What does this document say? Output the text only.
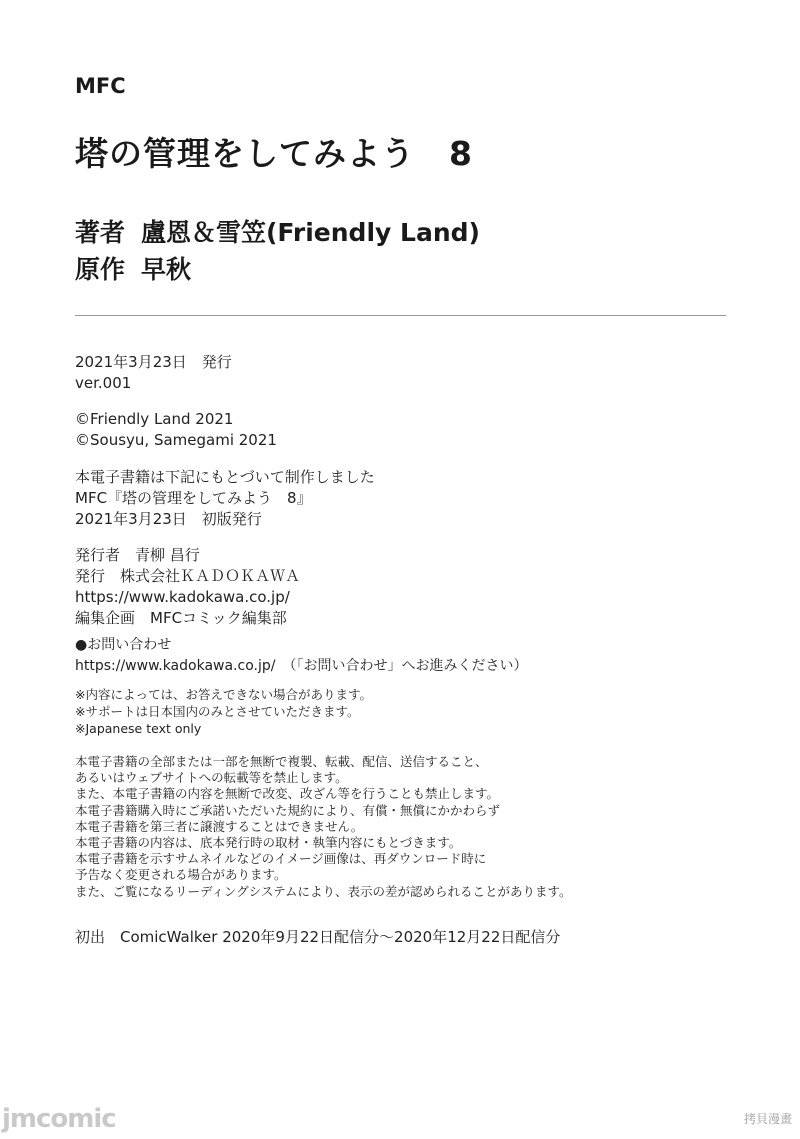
MFC
塔の管理をしてみよう　8
著者 盧恩＆雪笠(Friendly Land)
原作 早秋
2021年3月23日　発行
ver.001
©Friendly Land 2021
©Sousyu, Samegami 2021
本電子書籍は下記にもとづいて制作しました
MFC『塔の管理をしてみよう　8』
2021年3月23日　初版発行
発行者　青柳 昌行
発行　株式会社ＫＡＤＯＫＡＷＡ
https://www.kadokawa.co.jp/
編集企画　MFCコミック編集部
●お問い合わせ
https://www.kadokawa.co.jp/　（「お問い合わせ」へお進みください）
※内容によっては、お答えできない場合があります。
※サポートは日本国内のみとさせていただきます。
※Japanese text only
本電子書籍の全部または一部を無断で複製、転載、配信、送信すること、
あるいはウェブサイトへの転載等を禁止します。
また、本電子書籍の内容を無断で改変、改ざん等を行うことも禁止します。
本電子書籍購入時にご承諾いただいた規約により、有償・無償にかかわらず
本電子書籍を第三者に譲渡することはできません。
本電子書籍の内容は、底本発行時の取材・執筆内容にもとづきます。
本電子書籍を示すサムネイルなどのイメージ画像は、再ダウンロード時に
予告なく変更される場合があります。
また、ご覧になるリーディングシステムにより、表示の差が認められることがあります。
初出　ComicWalker 2020年9月22日配信分〜2020年12月22日配信分
jmcomic	拷貝漫畫
